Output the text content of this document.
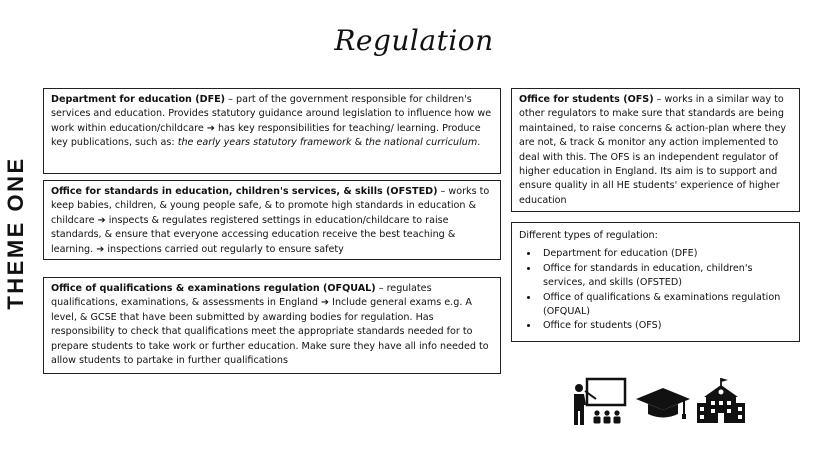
Regulation
THEME ONE

Department for education (DFE) – part of the government responsible for children's services and education. Provides statutory guidance around legislation to influence how we work within education/childcare ➔ has key responsibilities for teaching/ learning. Produce key publications, such as: the early years statutory framework & the national curriculum.

Office for standards in education, children's services, & skills (OFSTED) – works to keep babies, children, & young people safe, & to promote high standards in education & childcare ➔ inspects & regulates registered settings in education/childcare to raise standards, & ensure that everyone accessing education receive the best teaching & learning. ➔ inspections carried out regularly to ensure safety

Office of qualifications & examinations regulation (OFQUAL) – regulates qualifications, examinations, & assessments in England ➔ Include general exams e.g. A level, & GCSE that have been submitted by awarding bodies for regulation. Has responsibility to check that qualifications meet the appropriate standards needed for to prepare students to take work or further education. Make sure they have all info needed to allow students to partake in further qualifications

Office for students (OFS) – works in a similar way to other regulators to make sure that standards are being maintained, to raise concerns & action-plan where they are not, & track & monitor any action implemented to deal with this. The OFS is an independent regulator of higher education in England. Its aim is to support and ensure quality in all HE students' experience of higher education

Different types of regulation:

• Department for education (DFE)
• Office for standards in education, children's services, and skills (OFSTED)
• Office of qualifications & examinations regulation (OFQUAL)
• Office for students (OFS)
